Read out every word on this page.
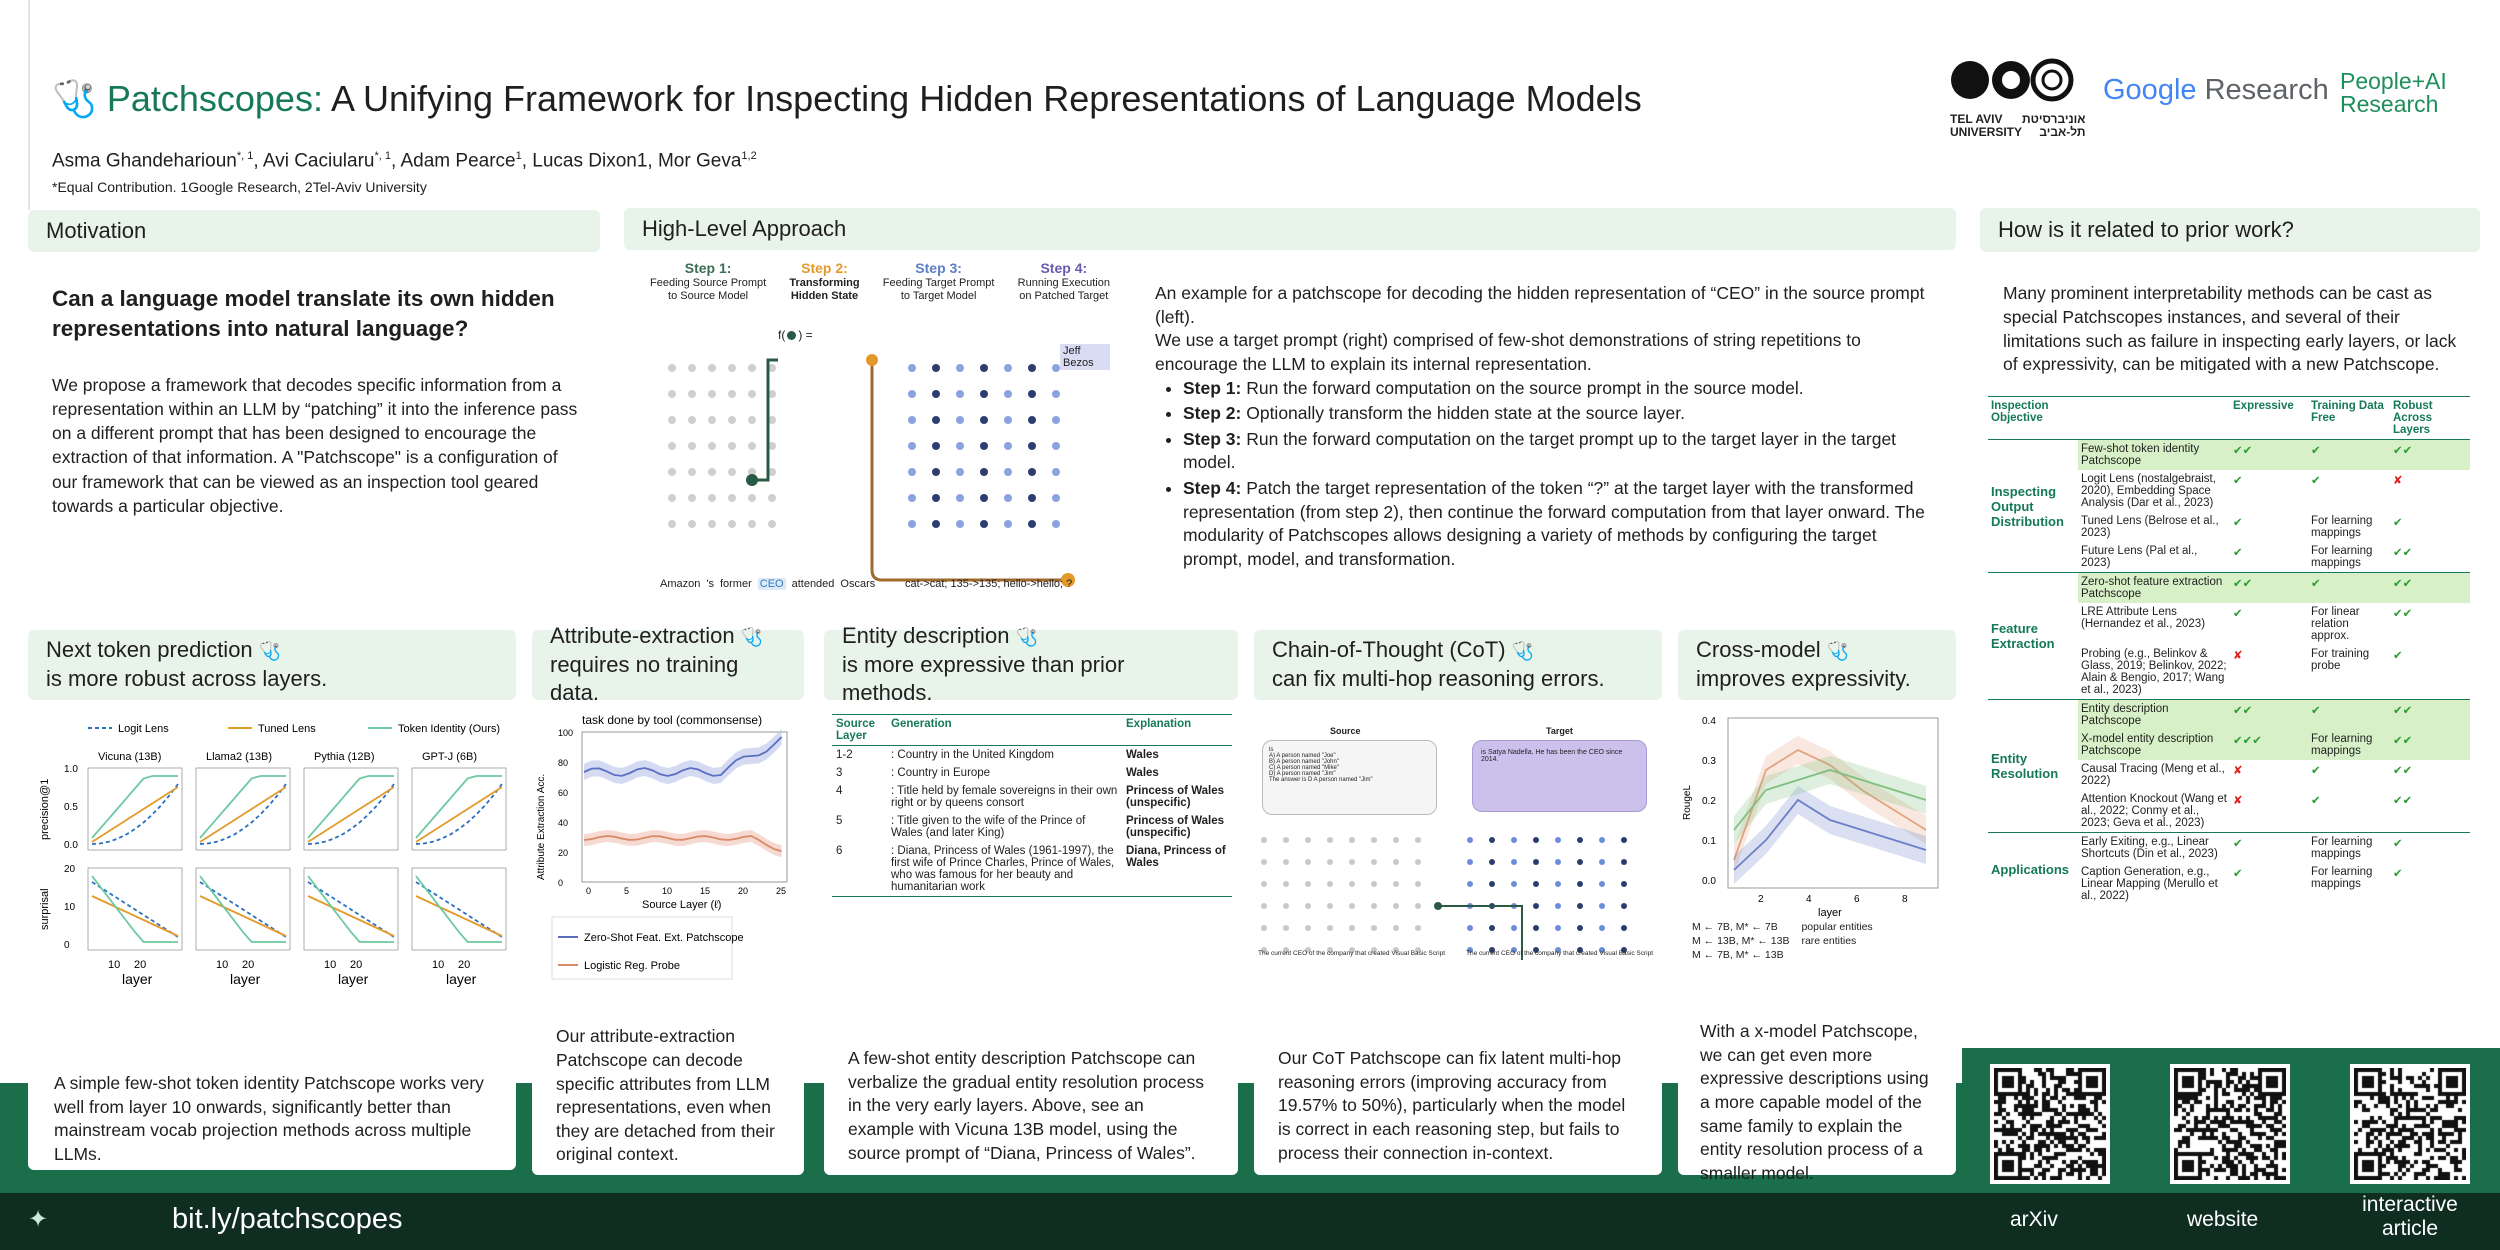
🩺 Patchscopes: A Unifying Framework for Inspecting Hidden Representations of Language Models
Asma Ghandeharioun$^{*, 1}$, Avi Caciularu$^{*, 1}$, Adam Pearce$^1$, Lucas Dixon1, Mor Geva$^{1,2}$
*Equal Contribution. 1Google Research, 2Tel-Aviv University
TEL AVIV
UNIVERSITY
אוניברסיטת
תל-אביב
Google Research People+AI
Research
Motivation
Can a language model translate its own hidden representations into natural language?
We propose a framework that decodes specific information from a representation within an LLM by “patching” it into the inference pass on a different prompt that has been designed to encourage the extraction of that information. A "Patchscope" is a configuration of our framework that can be viewed as an inspection tool geared towards a particular objective.
High-Level Approach
Step 1:
Feeding Source Prompt
to Source Model
Step 2:
Transforming
Hidden State
Step 3:
Feeding Target Prompt
to Target Model
Step 4:
Running Execution
on Patched Target
f( ) =
Jeff Bezos
Amazon 's former CEO attended Oscars	cat->cat; 135->135; hello->hello; ?

An example for a patchscope for decoding the hidden representation of “CEO” in the source prompt (left).

We use a target prompt (right) comprised of few-shot demonstrations of string repetitions to encourage the LLM to explain its internal representation.

• Step 1: Run the forward computation on the source prompt in the source model.
• Step 2: Optionally transform the hidden state at the source layer.
• Step 3: Run the forward computation on the target prompt up to the target layer in the target model.
• Step 4: Patch the target representation of the token “?” at the target layer with the transformed representation (from step 2), then continue the forward computation from that layer onward. The modularity of Patchscopes allows designing a variety of methods by configuring the target prompt, model, and transformation.
How is it related to prior work?
Many prominent interpretability methods can be cast as special Patchscopes instances, and several of their limitations such as failure in inspecting early layers, or lack of expressivity, can be mitigated with a new Patchscope.
Inspection Objective		Expressive	Training Data Free	Robust Across Layers
Inspecting Output Distribution	Few-shot token identity Patchscope	✔✔	✔	✔✔
	Logit Lens (nostalgebraist, 2020), Embedding Space Analysis (Dar et al., 2023)	✔	✔	✘
	Tuned Lens (Belrose et al., 2023)	✔	For learning mappings	✔
	Future Lens (Pal et al., 2023)	✔	For learning mappings	✔✔
Feature Extraction	Zero-shot feature extraction Patchscope	✔✔	✔	✔✔
	LRE Attribute Lens (Hernandez et al., 2023)	✔	For linear relation approx.	✔✔
	Probing (e.g., Belinkov & Glass, 2019; Belinkov, 2022; Alain & Bengio, 2017; Wang et al., 2023)	✘	For training probe	✔
Entity Resolution	Entity description Patchscope	✔✔	✔	✔✔
	X-model entity description Patchscope	✔✔✔	For learning mappings	✔✔
	Causal Tracing (Meng et al., 2022)	✘	✔	✔✔
	Attention Knockout (Wang et al., 2022; Conmy et al., 2023; Geva et al., 2023)	✘	✔	✔✔
Applications	Early Exiting, e.g., Linear Shortcuts (Din et al., 2023)	✔	For learning mappings	✔
	Caption Generation, e.g., Linear Mapping (Merullo et al., 2022)	✔	For learning mappings	✔
✦	bit.ly/patchscopes	arXiv	website
interactive article
Next token prediction 🩺
is more robust across layers.
Logit Lens	Tuned Lens	Token Identity (Ours)
Vicuna (13B)
10 20
layer
Llama2 (13B)
10 20
layer
Pythia (12B)
10 20
layer
GPT-J (6B)
10 20
layer
1.0
0.5
0.0
20
10
0
precision@1
surprisal
A simple few-shot token identity Patchscope works very well from layer 10 onwards, significantly better than mainstream vocab projection methods across multiple LLMs.
Attribute-extraction 🩺
requires no training data.
task done by tool (commonsense)
100
80
60
40
20
0
0	5	10	15	20	25
Source Layer (ℓ)
Attribute Extraction Acc.
Zero-Shot Feat. Ext. Patchscope
Logistic Reg. Probe
Our attribute-extraction Patchscope can decode specific attributes from LLM representations, even when they are detached from their original context.
Entity description 🩺
is more expressive than prior methods.
Source Layer	Generation	Explanation
1-2	: Country in the United Kingdom	Wales
3	: Country in Europe	Wales
4	: Title held by female sovereigns in their own right or by queens consort	Princess of Wales (unspecific)
5	: Title given to the wife of the Prince of Wales (and later King)	Princess of Wales (unspecific)
6	: Diana, Princess of Wales (1961-1997), the first wife of Prince Charles, Prince of Wales, who was famous for her beauty and humanitarian work	Diana, Princess of Wales
A few-shot entity description Patchscope can verbalize the gradual entity resolution process in the very early layers. Above, see an example with Vicuna 13B model, using the source prompt of “Diana, Princess of Wales”.
Chain-of-Thought (CoT) 🩺
can fix multi-hop reasoning errors.
Source	Target
ls
A) A person named "Joe"
B) A person named "John"
C) A person named "Mike"
D) A person named "Jim"
The answer is D A person named "Jim"
is Satya Nadella. He has been the CEO since 2014.
The current CEO of the company that created Visual Basic Script	The current CEO of the company that created Visual Basic Script
Our CoT Patchscope can fix latent multi-hop reasoning errors (improving accuracy from 19.57% to 50%), particularly when the model is correct in each reasoning step, but fails to process their connection in-context.
Cross-model 🩺
improves expressivity.
0.4
0.3
0.2
0.1
0.0
2	4	6	8
layer
RougeL
M ← 7B, M* ← 7B
M ← 13B, M* ← 13B
M ← 7B, M* ← 13B
popular entities
rare entities
With a x-model Patchscope, we can get even more expressive descriptions using a more capable model of the same family to explain the entity resolution process of a smaller model.
